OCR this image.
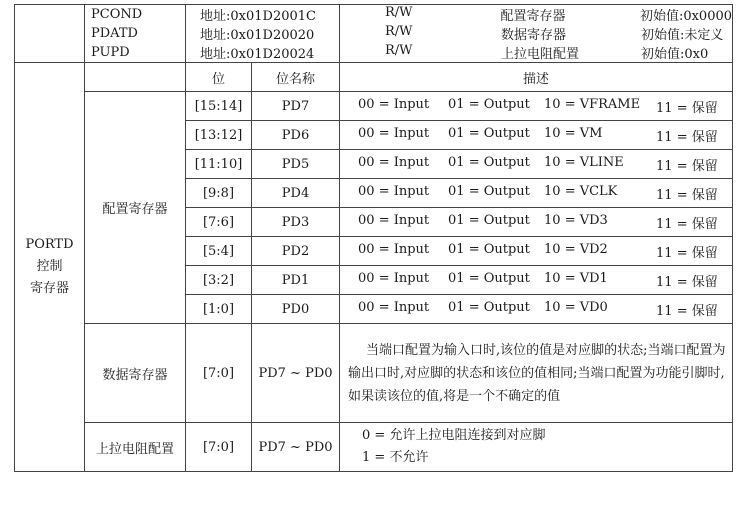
	PCOND	地址:0x01D2001C		R/W 配置寄存器 初始值:0x0000

	PDATD	地址:0x01D20020		R/W 数据寄存器 初始值:未定义

	PUPD	地址:0x01D20024		R/W 上拉电阻配置 初始值:0x0

PORTD
控制
寄存器		位	位名称	描述
	配置寄存器	[15:14]	PD7	00 = Input 01 = Output 10 = VFRAME 11 = 保留

		[13:12]	PD6	00 = Input 01 = Output 10 = VM 11 = 保留

		[11:10]	PD5	00 = Input 01 = Output 10 = VLINE 11 = 保留

		[9:8]	PD4	00 = Input 01 = Output 10 = VCLK 11 = 保留

		[7:6]	PD3	00 = Input 01 = Output 10 = VD3 11 = 保留

		[5:4]	PD2	00 = Input 01 = Output 10 = VD2 11 = 保留

		[3:2]	PD1	00 = Input 01 = Output 10 = VD1 11 = 保留

		[1:0]	PD0	00 = Input 01 = Output 10 = VD0 11 = 保留

	数据寄存器	[7:0]	PD7 ~ PD0	当端口配置为输入口时,该位的值是对应脚的状态;当端口配置为输出口时,对应脚的状态和该位的值相同;当端口配置为功能引脚时,如果读该位的值,将是一个不确定的值
	上拉电阻配置	[7:0]	PD7 ~ PD0	0 = 允许上拉电阻连接到对应脚
1 = 不允许
